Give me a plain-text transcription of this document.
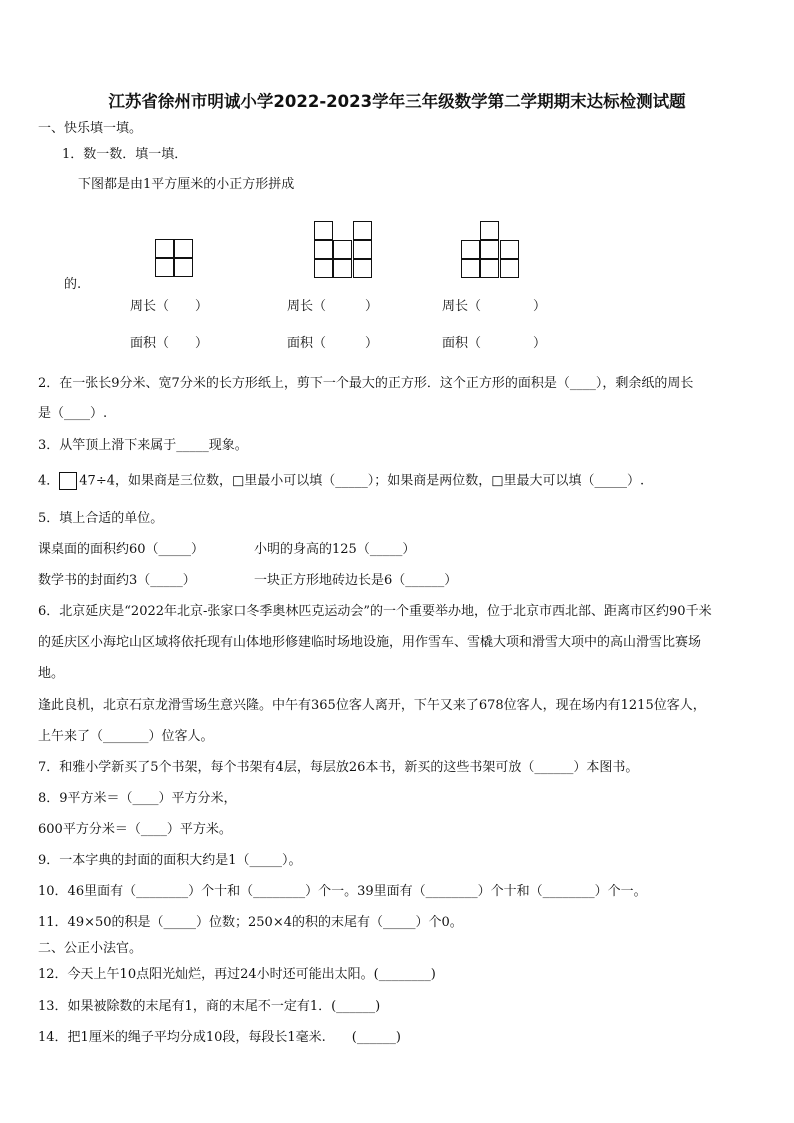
江苏省徐州市明诚小学2022-2023学年三年级数学第二学期期末达标检测试题
一、快乐填一填。
1．数一数．填一填．
下图都是由1平方厘米的小正方形拼成
的.
周长（　　）	周长（　　　）	周长（　　　　）
面积（　　）	面积（　　　）	面积（　　　　）
2．在一张长9分米、宽7分米的长方形纸上，剪下一个最大的正方形．这个正方形的面积是（____），剩余纸的周长
是（____）.
3．从竿顶上滑下来属于_____现象。
4． 47÷4，如果商是三位数，□里最小可以填（_____）；如果商是两位数，□里最大可以填（_____）.
5．填上合适的单位。
课桌面的面积约60（_____）	小明的身高的125（_____）
数学书的封面约3（_____）	一块正方形地砖边长是6（______）
6．北京延庆是“2022年北京-张家口冬季奥林匹克运动会”的一个重要举办地，位于北京市西北部、距离市区约90千米
的延庆区小海坨山区域将依托现有山体地形修建临时场地设施，用作雪车、雪橇大项和滑雪大项中的高山滑雪比赛场
地。
逢此良机，北京石京龙滑雪场生意兴隆。中午有365位客人离开，下午又来了678位客人，现在场内有1215位客人，
上午来了（_______）位客人。
7．和雅小学新买了5个书架，每个书架有4层，每层放26本书，新买的这些书架可放（______）本图书。
8．9平方米＝（____）平方分米，
600平方分米＝（____）平方米。
9．一本字典的封面的面积大约是1（_____）。
10．46里面有（________）个十和（________）个一。39里面有（________）个十和（________）个一。
11．49×50的积是（_____）位数；250×4的积的末尾有（_____）个0。
二、公正小法官。
12．今天上午10点阳光灿烂，再过24小时还可能出太阳。(________)
13．如果被除数的末尾有1，商的末尾不一定有1．(______)
14．把1厘米的绳子平均分成10段，每段长1毫米.　　(______)
